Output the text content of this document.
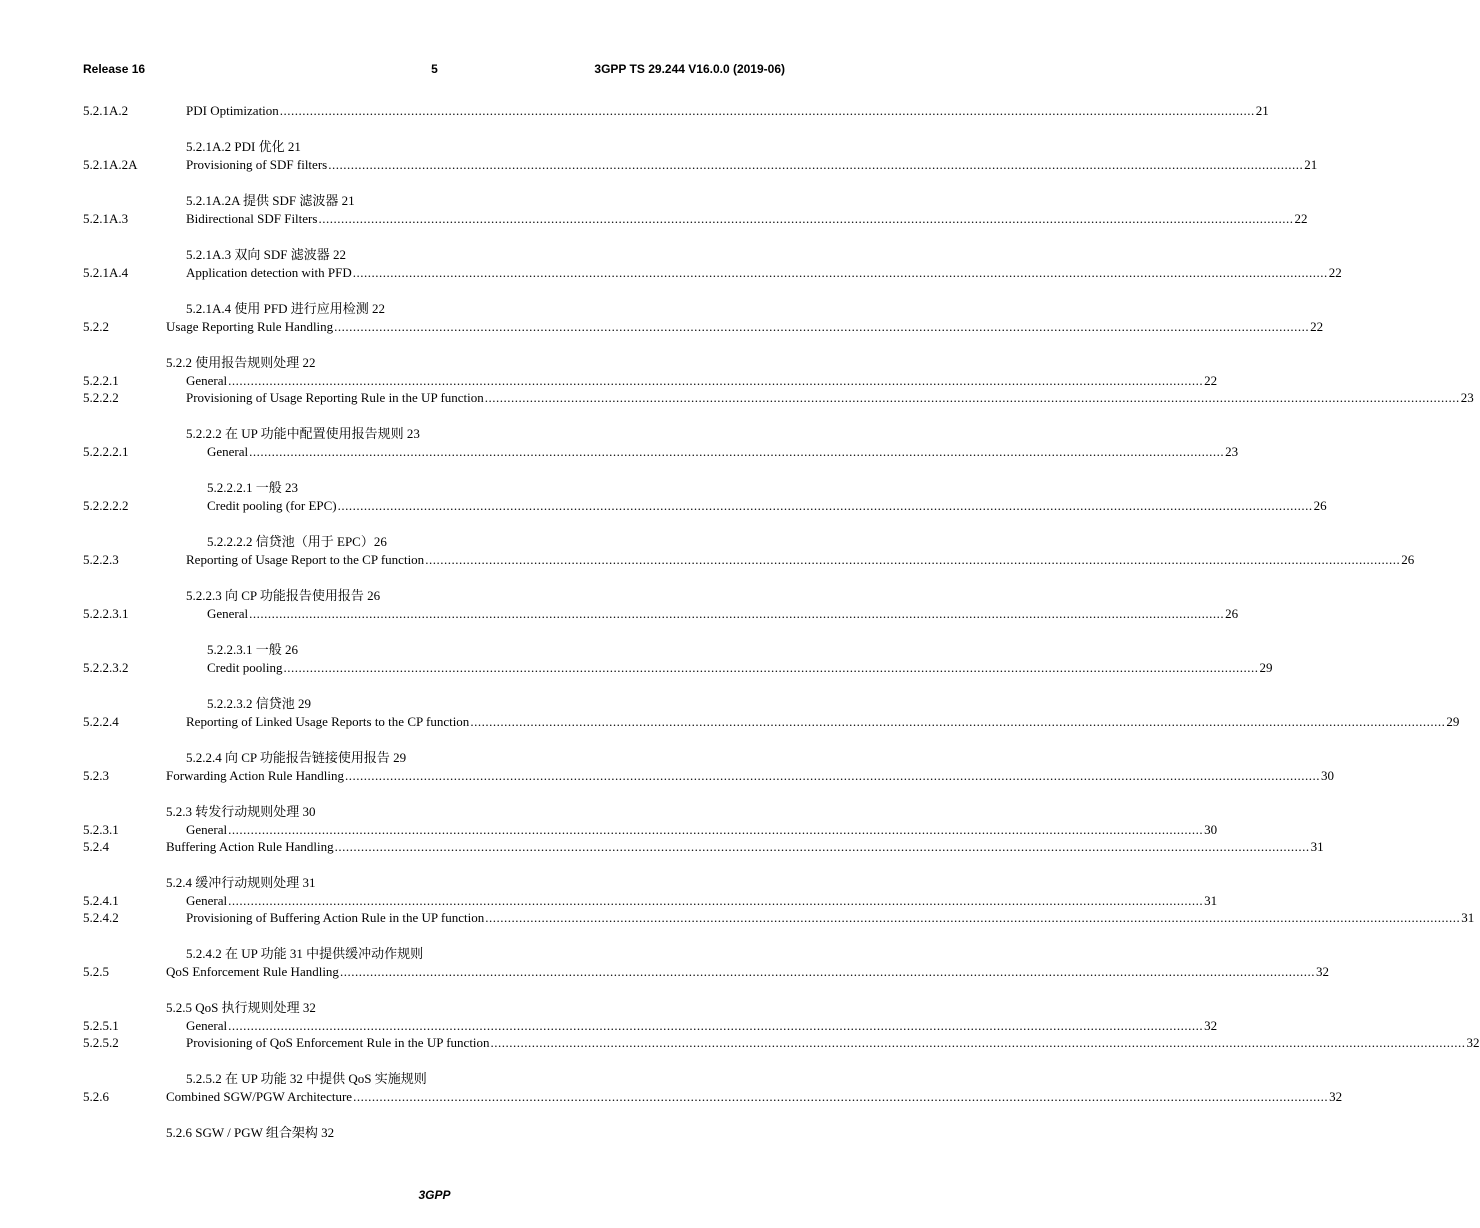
Release 16	5	3GPP TS 29.244 V16.0.0 (2019-06)
5.2.1A.2	PDI Optimization .................................................................................................................................................................................................................................................................... 21
5.2.1A.2 PDI 优化 21
5.2.1A.2A	Provisioning of SDF filters .................................................................................................................................................................................................................................................................... 21
5.2.1A.2A 提供 SDF 滤波器 21
5.2.1A.3	Bidirectional SDF Filters .................................................................................................................................................................................................................................................................... 22
5.2.1A.3 双向 SDF 滤波器 22
5.2.1A.4	Application detection with PFD .................................................................................................................................................................................................................................................................... 22
5.2.1A.4 使用 PFD 进行应用检测 22
5.2.2	Usage Reporting Rule Handling .................................................................................................................................................................................................................................................................... 22
5.2.2 使用报告规则处理 22
5.2.2.1	General .................................................................................................................................................................................................................................................................... 22
5.2.2.2	Provisioning of Usage Reporting Rule in the UP function .................................................................................................................................................................................................................................................................... 23
5.2.2.2 在 UP 功能中配置使用报告规则 23
5.2.2.2.1	General .................................................................................................................................................................................................................................................................... 23
5.2.2.2.1 一般 23
5.2.2.2.2	Credit pooling (for EPC) .................................................................................................................................................................................................................................................................... 26
5.2.2.2.2 信贷池（用于 EPC）26
5.2.2.3	Reporting of Usage Report to the CP function .................................................................................................................................................................................................................................................................... 26
5.2.2.3 向 CP 功能报告使用报告 26
5.2.2.3.1	General .................................................................................................................................................................................................................................................................... 26
5.2.2.3.1 一般 26
5.2.2.3.2	Credit pooling .................................................................................................................................................................................................................................................................... 29
5.2.2.3.2 信贷池 29
5.2.2.4	Reporting of Linked Usage Reports to the CP function .................................................................................................................................................................................................................................................................... 29
5.2.2.4 向 CP 功能报告链接使用报告 29
5.2.3	Forwarding Action Rule Handling .................................................................................................................................................................................................................................................................... 30
5.2.3 转发行动规则处理 30
5.2.3.1	General .................................................................................................................................................................................................................................................................... 30
5.2.4	Buffering Action Rule Handling .................................................................................................................................................................................................................................................................... 31
5.2.4 缓冲行动规则处理 31
5.2.4.1	General .................................................................................................................................................................................................................................................................... 31
5.2.4.2	Provisioning of Buffering Action Rule in the UP function .................................................................................................................................................................................................................................................................... 31
5.2.4.2 在 UP 功能 31 中提供缓冲动作规则
5.2.5	QoS Enforcement Rule Handling .................................................................................................................................................................................................................................................................... 32
5.2.5 QoS 执行规则处理 32
5.2.5.1	General .................................................................................................................................................................................................................................................................... 32
5.2.5.2	Provisioning of QoS Enforcement Rule in the UP function .................................................................................................................................................................................................................................................................... 32
5.2.5.2 在 UP 功能 32 中提供 QoS 实施规则
5.2.6	Combined SGW/PGW Architecture .................................................................................................................................................................................................................................................................... 32
5.2.6 SGW / PGW 组合架构 32
3GPP
